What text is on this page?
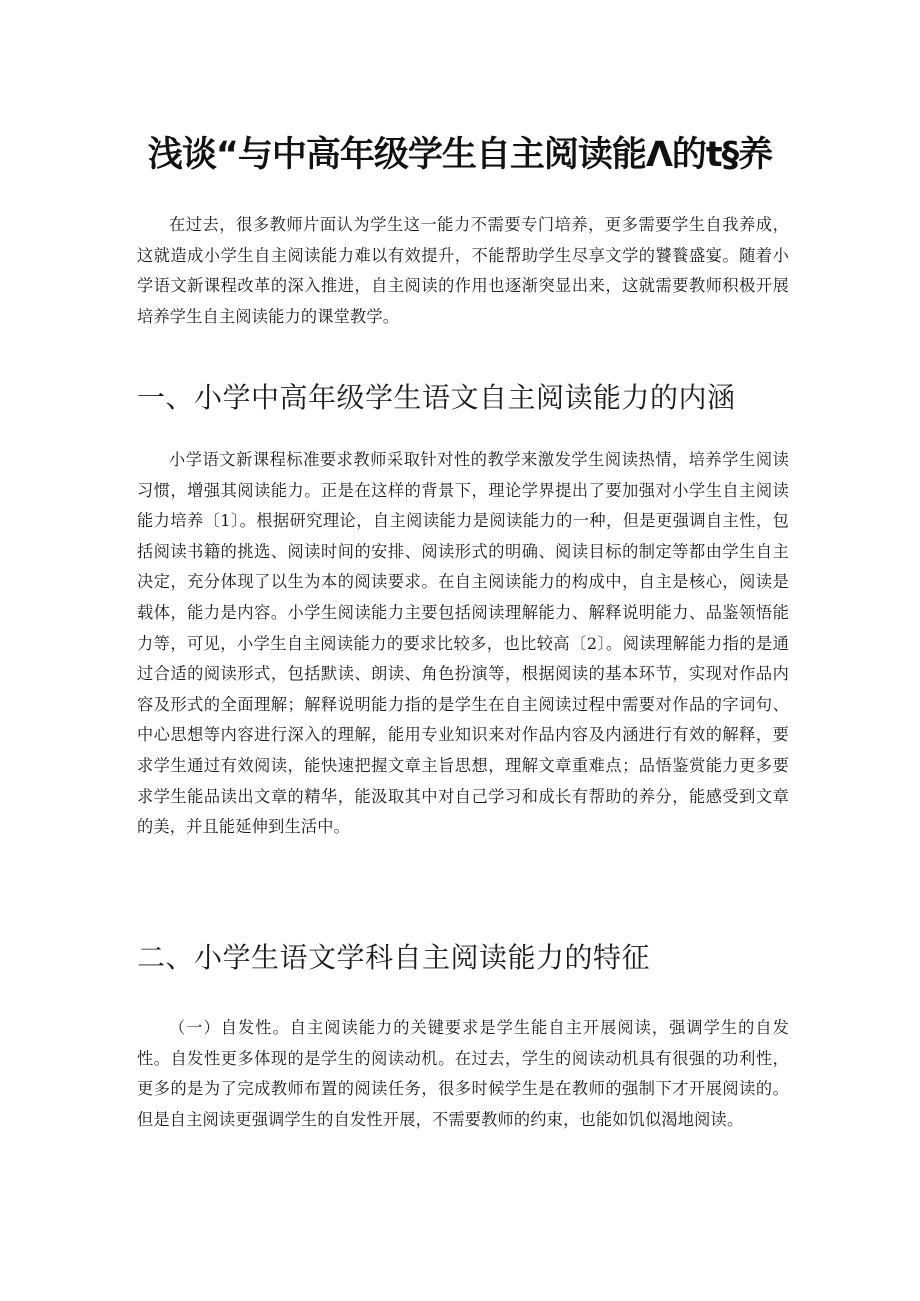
浅谈“与中高年级学生自主阅读能Λ的t§养

在过去，很多教师片面认为学生这一能力不需要专门培养，更多需要学生自我养成，这就造成小学生自主阅读能力难以有效提升，不能帮助学生尽享文学的饕餮盛宴。随着小学语文新课程改革的深入推进，自主阅读的作用也逐渐突显出来，这就需要教师积极开展培养学生自主阅读能力的课堂教学。

一、小学中高年级学生语文自主阅读能力的内涵

小学语文新课程标准要求教师采取针对性的教学来激发学生阅读热情，培养学生阅读习惯，增强其阅读能力。正是在这样的背景下，理论学界提出了要加强对小学生自主阅读能力培养〔1〕。根据研究理论，自主阅读能力是阅读能力的一种，但是更强调自主性，包括阅读书籍的挑选、阅读时间的安排、阅读形式的明确、阅读目标的制定等都由学生自主决定，充分体现了以生为本的阅读要求。在自主阅读能力的构成中，自主是核心，阅读是载体，能力是内容。小学生阅读能力主要包括阅读理解能力、解释说明能力、品鉴领悟能力等，可见，小学生自主阅读能力的要求比较多，也比较高〔2〕。阅读理解能力指的是通过合适的阅读形式，包括默读、朗读、角色扮演等，根据阅读的基本环节，实现对作品内容及形式的全面理解；解释说明能力指的是学生在自主阅读过程中需要对作品的字词句、中心思想等内容进行深入的理解，能用专业知识来对作品内容及内涵进行有效的解释，要求学生通过有效阅读，能快速把握文章主旨思想，理解文章重难点；品悟鉴赏能力更多要求学生能品读出文章的精华，能汲取其中对自己学习和成长有帮助的养分，能感受到文章的美，并且能延伸到生活中。

二、小学生语文学科自主阅读能力的特征

（一）自发性。自主阅读能力的关键要求是学生能自主开展阅读，强调学生的自发性。自发性更多体现的是学生的阅读动机。在过去，学生的阅读动机具有很强的功利性，更多的是为了完成教师布置的阅读任务，很多时候学生是在教师的强制下才开展阅读的。但是自主阅读更强调学生的自发性开展，不需要教师的约束，也能如饥似渴地阅读。
